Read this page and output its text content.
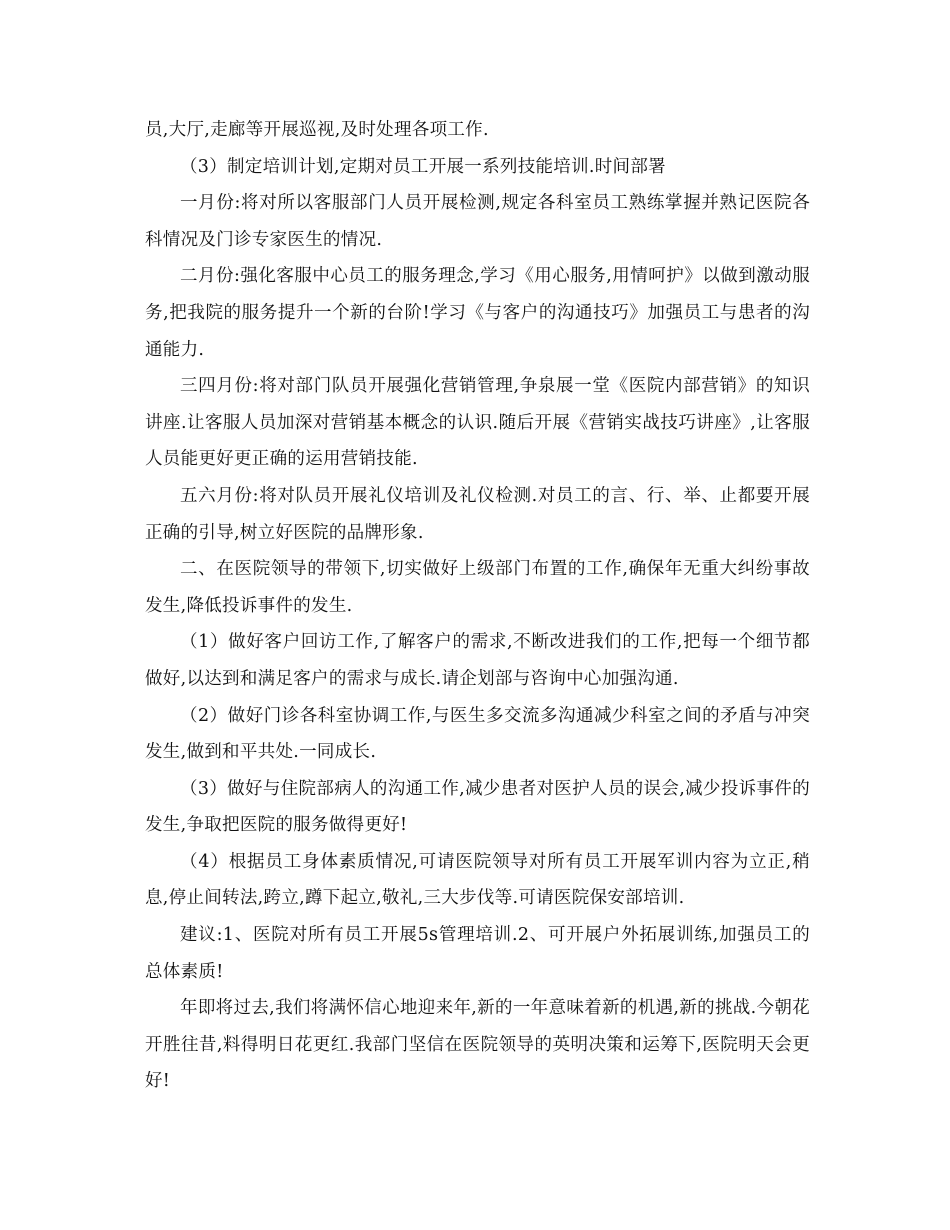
员,大厅,走廊等开展巡视,及时处理各项工作.

（3）制定培训计划,定期对员工开展一系列技能培训.时间部署

一月份:将对所以客服部门人员开展检测,规定各科室员工熟练掌握并熟记医院各科情况及门诊专家医生的情况.

二月份:强化客服中心员工的服务理念,学习《用心服务,用情呵护》以做到激动服务,把我院的服务提升一个新的台阶!学习《与客户的沟通技巧》加强员工与患者的沟通能力.

三四月份:将对部门队员开展强化营销管理,争泉展一堂《医院内部营销》的知识讲座.让客服人员加深对营销基本概念的认识.随后开展《营销实战技巧讲座》,让客服人员能更好更正确的运用营销技能.

五六月份:将对队员开展礼仪培训及礼仪检测.对员工的言、行、举、止都要开展正确的引导,树立好医院的品牌形象.

二、在医院领导的带领下,切实做好上级部门布置的工作,确保年无重大纠纷事故发生,降低投诉事件的发生.

（1）做好客户回访工作,了解客户的需求,不断改进我们的工作,把每一个细节都做好,以达到和满足客户的需求与成长.请企划部与咨询中心加强沟通.

（2）做好门诊各科室协调工作,与医生多交流多沟通减少科室之间的矛盾与冲突发生,做到和平共处.一同成长.

（3）做好与住院部病人的沟通工作,减少患者对医护人员的误会,减少投诉事件的发生,争取把医院的服务做得更好!

（4）根据员工身体素质情况,可请医院领导对所有员工开展军训内容为立正,稍息,停止间转法,跨立,蹲下起立,敬礼,三大步伐等.可请医院保安部培训.

建议:1、医院对所有员工开展5s管理培训.2、可开展户外拓展训练,加强员工的总体素质!

年即将过去,我们将满怀信心地迎来年,新的一年意味着新的机遇,新的挑战.今朝花开胜往昔,料得明日花更红.我部门坚信在医院领导的英明决策和运筹下,医院明天会更好!
